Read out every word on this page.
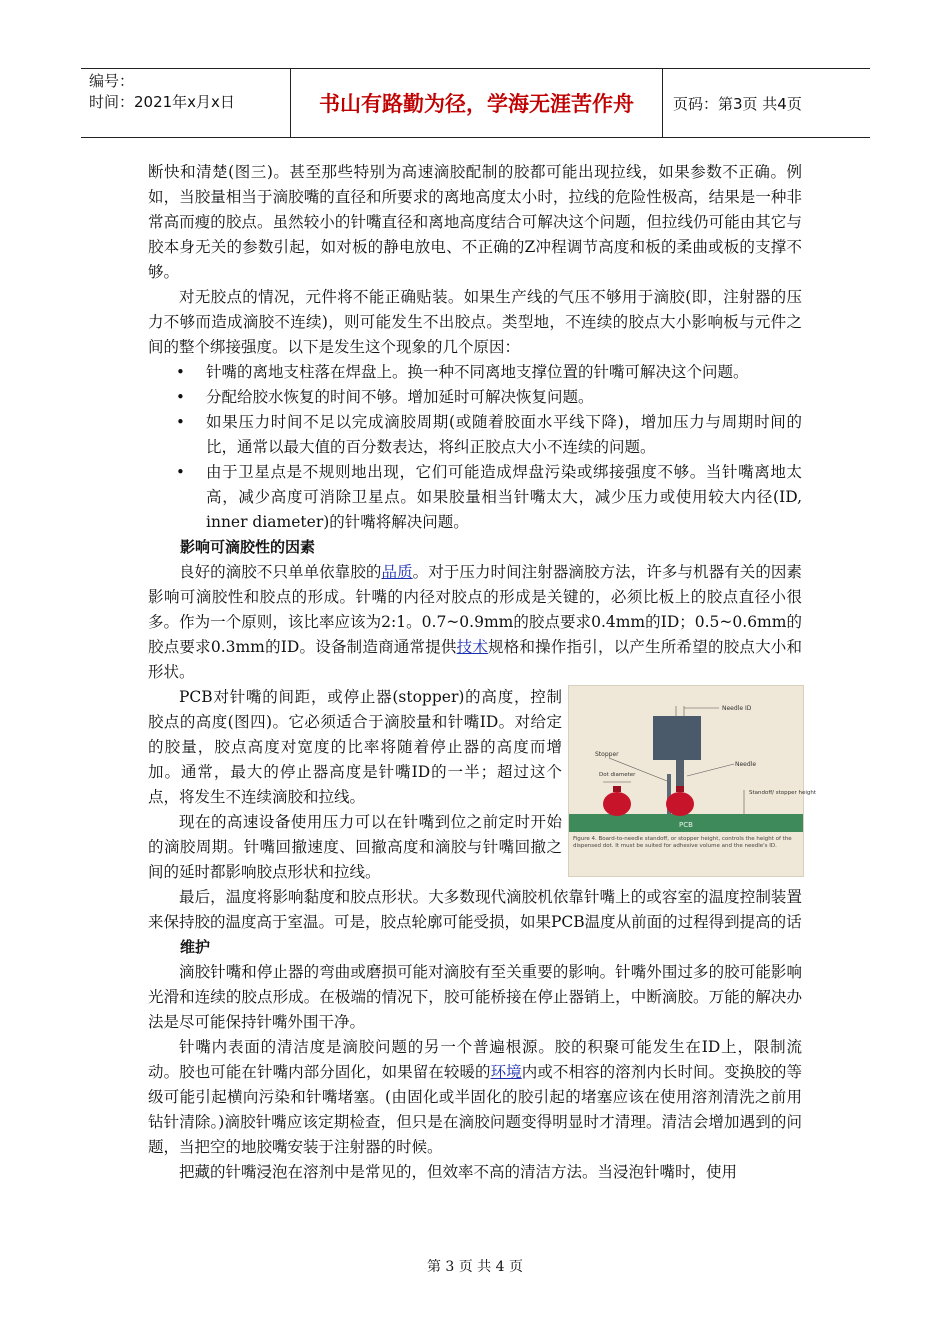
编号：
时间：2021年x月x日	书山有路勤为径，学海无涯苦作舟	页码：第3页 共4页

断快和清楚(图三)。甚至那些特别为高速滴胶配制的胶都可能出现拉线，如果参数不正确。例如，当胶量相当于滴胶嘴的直径和所要求的离地高度太小时，拉线的危险性极高，结果是一种非常高而瘦的胶点。虽然较小的针嘴直径和离地高度结合可解决这个问题，但拉线仍可能由其它与胶本身无关的参数引起，如对板的静电放电、不正确的Z冲程调节高度和板的柔曲或板的支撑不够。

对无胶点的情况，元件将不能正确贴装。如果生产线的气压不够用于滴胶(即，注射器的压力不够而造成滴胶不连续)，则可能发生不出胶点。类型地，不连续的胶点大小影响板与元件之间的整个绑接强度。以下是发生这个现象的几个原因：

• 针嘴的离地支柱落在焊盘上。换一种不同离地支撑位置的针嘴可解决这个问题。
• 分配给胶水恢复的时间不够。增加延时可解决恢复问题。
• 如果压力时间不足以完成滴胶周期(或随着胶面水平线下降)，增加压力与周期时间的比，通常以最大值的百分数表达，将纠正胶点大小不连续的问题。
• 由于卫星点是不规则地出现，它们可能造成焊盘污染或绑接强度不够。当针嘴离地太高，减少高度可消除卫星点。如果胶量相当针嘴太大，减少压力或使用较大内径(ID, inner diameter)的针嘴将解决问题。

影响可滴胶性的因素

良好的滴胶不只单单依靠胶的品质。对于压力时间注射器滴胶方法，许多与机器有关的因素影响可滴胶性和胶点的形成。针嘴的内径对胶点的形成是关键的，必须比板上的胶点直径小很多。作为一个原则，该比率应该为2:1。0.7~0.9mm的胶点要求0.4mm的ID；0.5~0.6mm的胶点要求0.3mm的ID。设备制造商通常提供技术规格和操作指引，以产生所希望的胶点大小和形状。

PCB对针嘴的间距，或停止器(stopper)的高度，控制胶点的高度(图四)。它必须适合于滴胶量和针嘴ID。对给定的胶量，胶点高度对宽度的比率将随着停止器的高度而增加。通常，最大的停止器高度是针嘴ID的一半；超过这个点，将发生不连续滴胶和拉线。

现在的高速设备使用压力可以在针嘴到位之前定时开始的滴胶周期。针嘴回撤速度、回撤高度和滴胶与针嘴回撤之间的延时都影响胶点形状和拉线。

最后，温度将影响黏度和胶点形状。大多数现代滴胶机依靠针嘴上的或容室的温度控制装置来保持胶的温度高于室温。可是，胶点轮廓可能受损，如果PCB温度从前面的过程得到提高的话

维护

滴胶针嘴和停止器的弯曲或磨损可能对滴胶有至关重要的影响。针嘴外围过多的胶可能影响光滑和连续的胶点形成。在极端的情况下，胶可能桥接在停止器销上，中断滴胶。万能的解决办法是尽可能保持针嘴外围干净。

针嘴内表面的清洁度是滴胶问题的另一个普遍根源。胶的积聚可能发生在ID上，限制流动。胶也可能在针嘴内部分固化，如果留在较暖的环境内或不相容的溶剂内长时间。变换胶的等级可能引起横向污染和针嘴堵塞。(由固化或半固化的胶引起的堵塞应该在使用溶剂清洗之前用钻针清除。)滴胶针嘴应该定期检查，但只是在滴胶问题变得明显时才清理。清洁会增加遇到的问题，当把空的地胶嘴安装于注射器的时候。

把藏的针嘴浸泡在溶剂中是常见的，但效率不高的清洁方法。当浸泡针嘴时，使用

PCB
Needle ID
Stopper
Needle
Dot diameter
Standoff/ stopper height
Figure 4. Board-to-needle standoff, or stopper height, controls the height of the dispensed dot. It must be suited for adhesive volume and the needle's ID.
第 3 页 共 4 页
